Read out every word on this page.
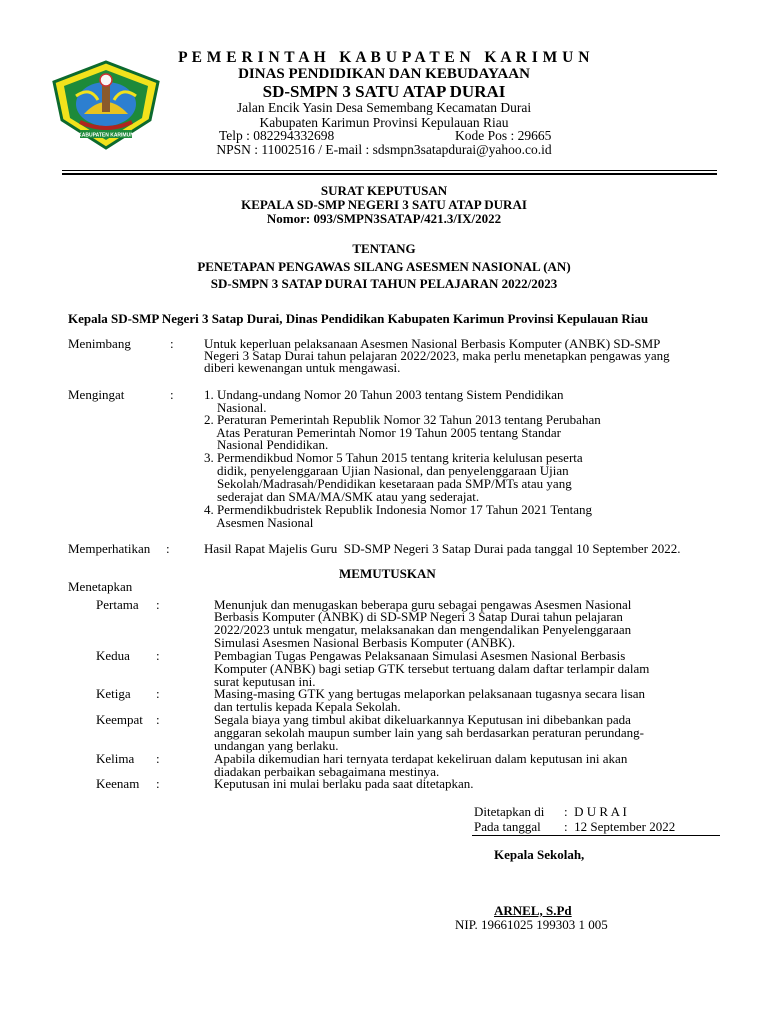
KABUPATEN KARIMUN
P E M E R I N T A H   K A B U P A T E N   K A R I M U N
DINAS PENDIDIKAN DAN KEBUDAYAAN
SD-SMPN 3 SATU ATAP DURAI
Jalan Encik Yasin Desa Semembang Kecamatan Durai
Kabupaten Karimun Provinsi Kepulauan Riau
Telp : 082294332698	Kode Pos : 29665
NPSN : 11002516 / E-mail : sdsmpn3satapdurai@yahoo.co.id
SURAT KEPUTUSAN
KEPALA SD-SMP NEGERI 3 SATU ATAP DURAI
Nomor: 093/SMPN3SATAP/421.3/IX/2022
TENTANG
PENETAPAN PENGAWAS SILANG ASESMEN NASIONAL (AN)
SD-SMPN 3 SATAP DURAI TAHUN PELAJARAN 2022/2023
Kepala SD-SMP Negeri 3 Satap Durai, Dinas Pendidikan Kabupaten Karimun Provinsi Kepulauan Riau
Menimbang	: Untuk keperluan pelaksanaan Asesmen Nasional Berbasis Komputer (ANBK) SD-SMP
Negeri 3 Satap Durai tahun pelajaran 2022/2023, maka perlu menetapkan pengawas yang
diberi kewenangan untuk mengawasi.
Mengingat	: 1. Undang-undang Nomor 20 Tahun 2003 tentang Sistem Pendidikan
Nasional.
2. Peraturan Pemerintah Republik Nomor 32 Tahun 2013 tentang Perubahan
Atas Peraturan Pemerintah Nomor 19 Tahun 2005 tentang Standar
Nasional Pendidikan.
3. Permendikbud Nomor 5 Tahun 2015 tentang kriteria kelulusan peserta
didik, penyelenggaraan Ujian Nasional, dan penyelenggaraan Ujian
Sekolah/Madrasah/Pendidikan kesetaraan pada SMP/MTs atau yang
sederajat dan SMA/MA/SMK atau yang sederajat.
4. Permendikbudristek Republik Indonesia Nomor 17 Tahun 2021 Tentang
Asesmen Nasional
Memperhatikan :	Hasil Rapat Majelis Guru  SD-SMP Negeri 3 Satap Durai pada tanggal 10 September 2022.
MEMUTUSKAN
Menetapkan
Pertama :	Menunjuk dan menugaskan beberapa guru sebagai pengawas Asesmen Nasional
Berbasis Komputer (ANBK) di SD-SMP Negeri 3 Satap Durai tahun pelajaran
2022/2023 untuk mengatur, melaksanakan dan mengendalikan Penyelenggaraan
Simulasi Asesmen Nasional Berbasis Komputer (ANBK).
Kedua :	Pembagian Tugas Pengawas Pelaksanaan Simulasi Asesmen Nasional Berbasis
Komputer (ANBK) bagi setiap GTK tersebut tertuang dalam daftar terlampir dalam
surat keputusan ini.
Ketiga :	Masing-masing GTK yang bertugas melaporkan pelaksanaan tugasnya secara lisan
dan tertulis kepada Kepala Sekolah.
Keempat :	Segala biaya yang timbul akibat dikeluarkannya Keputusan ini dibebankan pada
anggaran sekolah maupun sumber lain yang sah berdasarkan peraturan perundang-
undangan yang berlaku.
Kelima :	Apabila dikemudian hari ternyata terdapat kekeliruan dalam keputusan ini akan
diadakan perbaikan sebagaimana mestinya.
Keenam :	Keputusan ini mulai berlaku pada saat ditetapkan.
Ditetapkan di :  D U R A I
Pada tanggal :  12 September 2022
Kepala Sekolah,
ARNEL, S.Pd
NIP. 19661025 199303 1 005
